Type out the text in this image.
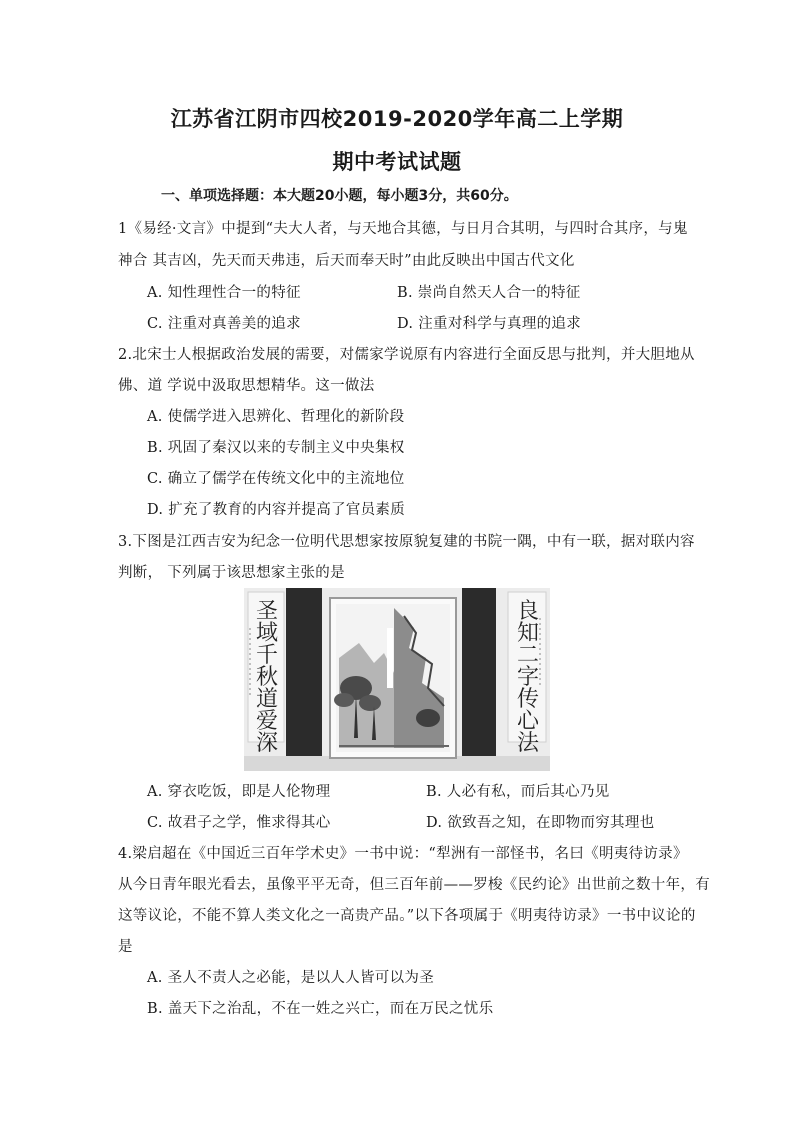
江苏省江阴市四校2019-2020学年高二上学期
期中考试试题
一、单项选择题：本大题20小题，每小题3分，共60分。
1《易经·文言》中提到“夫大人者，与天地合其德，与日月合其明，与四时合其序，与鬼
神合 其吉凶，先天而天弗违，后天而奉天时”由此反映出中国古代文化
A. 知性理性合一的特征	B. 崇尚自然天人合一的特征
C. 注重对真善美的追求	D. 注重对科学与真理的追求
2.北宋士人根据政治发展的需要，对儒家学说原有内容进行全面反思与批判，并大胆地从
佛、道 学说中汲取思想精华。这一做法
A. 使儒学进入思辨化、哲理化的新阶段
B. 巩固了秦汉以来的专制主义中央集权
C. 确立了儒学在传统文化中的主流地位
D. 扩充了教育的内容并提高了官员素质
3.下图是江西吉安为纪念一位明代思想家按原貌复建的书院一隅，中有一联，据对联内容
判断， 下列属于该思想家主张的是
圣
域
千
秋
道
爱
深
良
知
二
字
传
心
法
A. 穿衣吃饭，即是人伦物理	B. 人必有私，而后其心乃见
C. 故君子之学，惟求得其心	D. 欲致吾之知，在即物而穷其理也
4.梁启超在《中国近三百年学术史》一书中说：“犁洲有一部怪书，名曰《明夷待访录》
从今日青年眼光看去，虽像平平无奇，但三百年前——罗梭《民约论》出世前之数十年，有
这等议论，不能不算人类文化之一高贵产品。”以下各项属于《明夷待访录》一书中议论的
是
A. 圣人不责人之必能，是以人人皆可以为圣
B. 盖天下之治乱，不在一姓之兴亡，而在万民之忧乐
